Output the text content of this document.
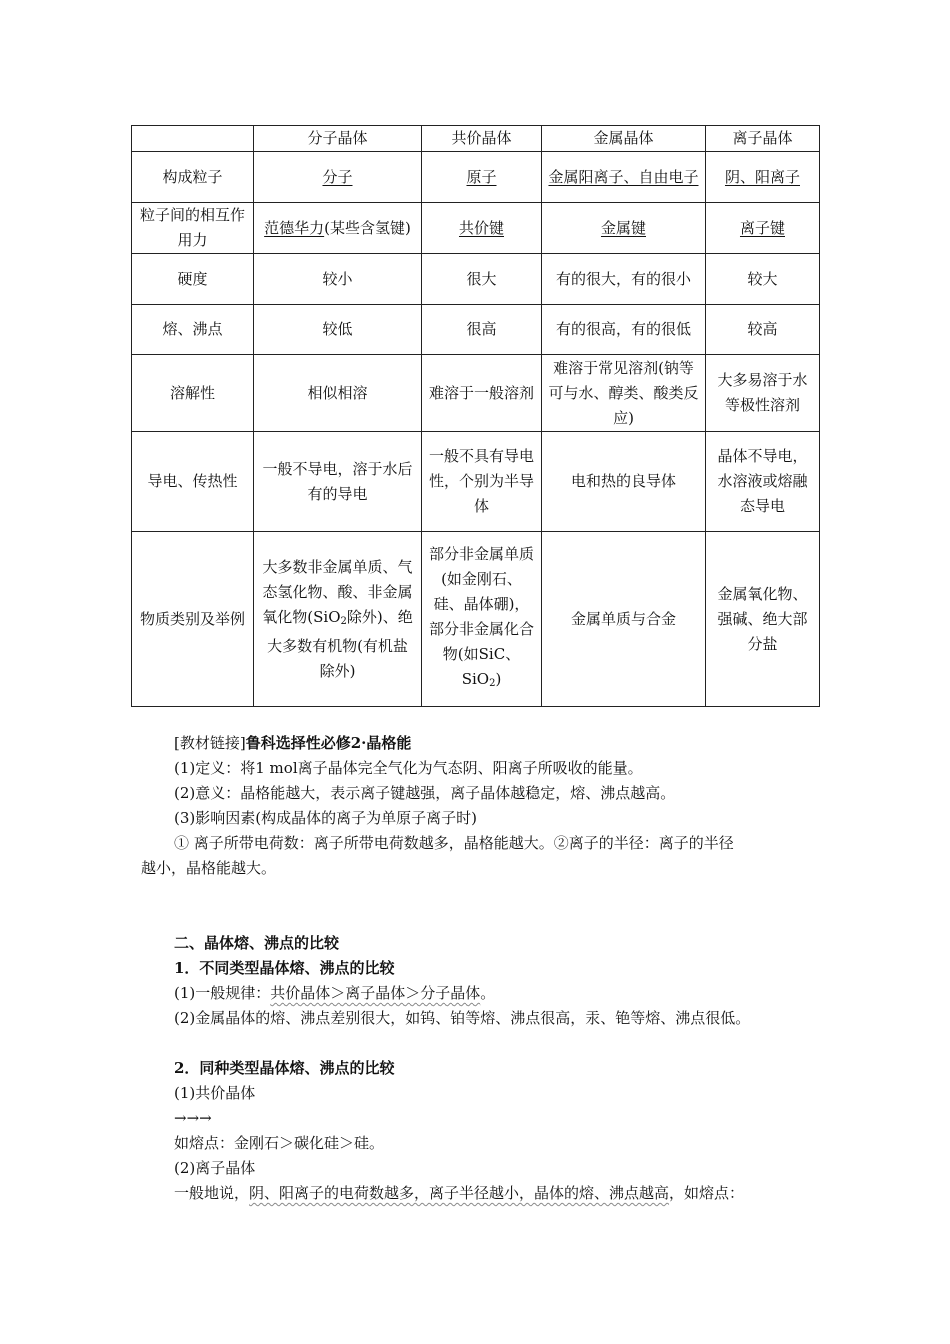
	分子晶体	共价晶体	金属晶体	离子晶体
构成粒子	分子	原子	金属阳离子、自由电子	阴、阳离子
粒子间的相互作用力	范德华力(某些含氢键)	共价键	金属键	离子键
硬度	较小	很大	有的很大，有的很小	较大
熔、沸点	较低	很高	有的很高，有的很低	较高
溶解性	相似相溶	难溶于一般溶剂	难溶于常见溶剂(钠等可与水、醇类、酸类反应)	大多易溶于水等极性溶剂
导电、传热性	一般不导电，溶于水后有的导电	一般不具有导电性，个别为半导体	电和热的良导体	晶体不导电，水溶液或熔融态导电
物质类别及举例	大多数非金属单质、气态氢化物、酸、非金属氧化物(SiO$_2$除外)、绝大多数有机物(有机盐除外)	部分非金属单质(如金刚石、硅、晶体硼)，部分非金属化合物(如SiC、SiO$_2$)	金属单质与合金	金属氧化物、强碱、绝大部分盐

[教材链接]鲁科选择性必修2·晶格能

(1)定义：将1 mol离子晶体完全气化为气态阴、阳离子所吸收的能量。

(2)意义：晶格能越大，表示离子键越强，离子晶体越稳定，熔、沸点越高。

(3)影响因素(构成晶体的离子为单原子离子时)

① 离子所带电荷数：离子所带电荷数越多，晶格能越大。②离子的半径：离子的半径

越小，晶格能越大。

二、晶体熔、沸点的比较

1．不同类型晶体熔、沸点的比较

(1)一般规律：共价晶体＞离子晶体＞分子晶体。

(2)金属晶体的熔、沸点差别很大，如钨、铂等熔、沸点很高，汞、铯等熔、沸点很低。

2．同种类型晶体熔、沸点的比较

(1)共价晶体

→→→

如熔点：金刚石＞碳化硅＞硅。

(2)离子晶体

一般地说，阴、阳离子的电荷数越多，离子半径越小，晶体的熔、沸点越高，如熔点：
